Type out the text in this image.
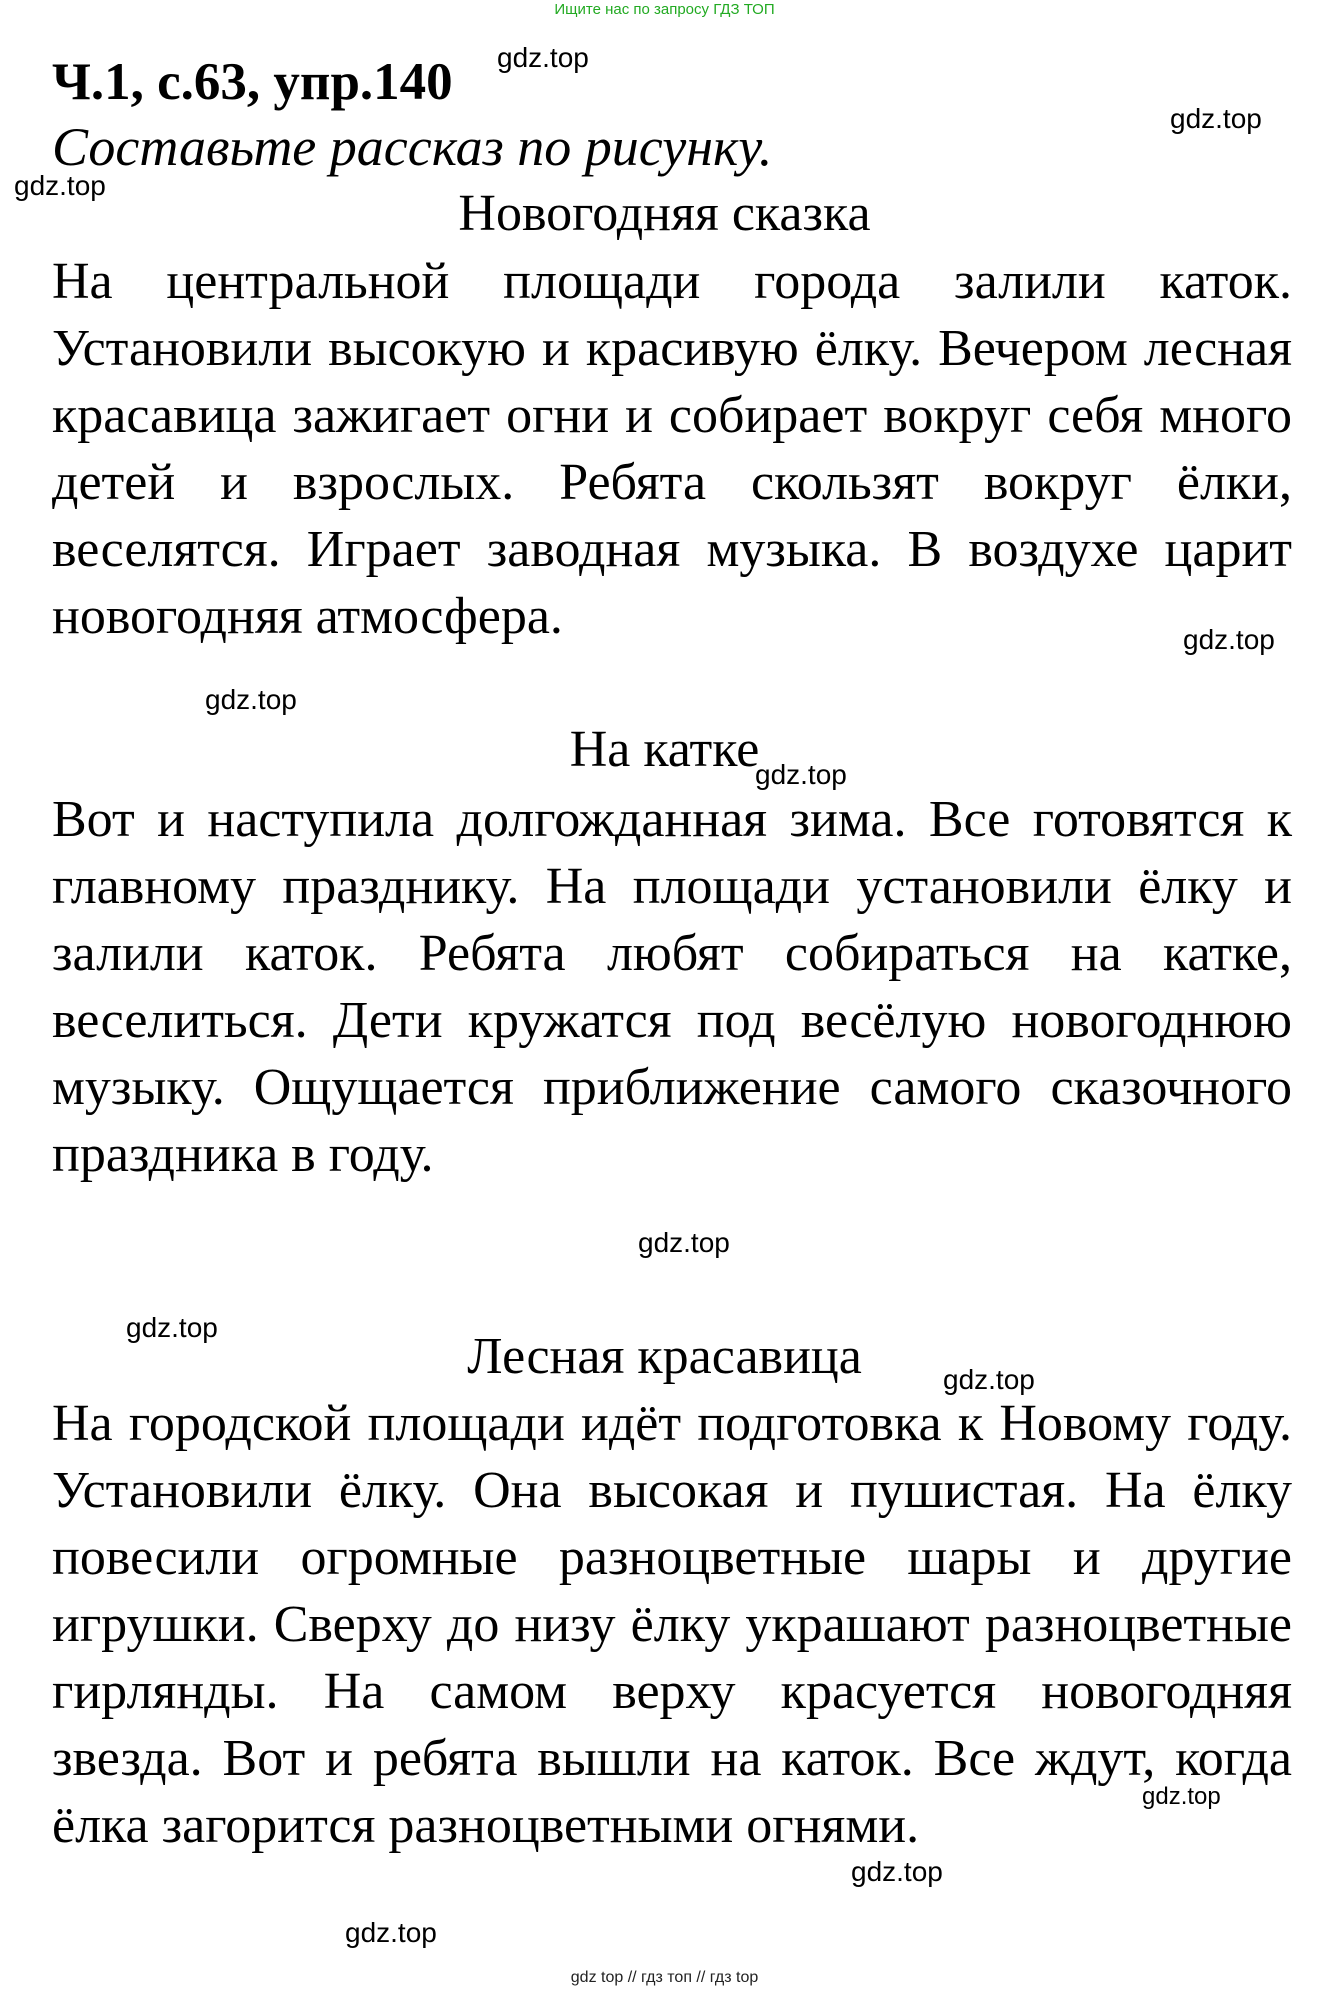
Ищите нас по запросу ГДЗ ТОП
Ч.1, с.63, упр.140
Составьте рассказ по рисунку.
Новогодняя сказка

На центральной площади города залили каток. Установили высокую и красивую ёлку. Вечером лесная красавица зажигает огни и собирает вокруг себя много детей и взрослых. Ребята скользят вокруг ёлки, веселятся. Играет заводная музыка. В воздухе царит новогодняя атмосфера.

На катке

Вот и наступила долгожданная зима. Все готовятся к главному празднику. На площади установили ёлку и залили каток. Ребята любят собираться на катке, веселиться. Дети кружатся под весёлую новогоднюю музыку. Ощущается приближение самого сказочного праздника в году.

Лесная красавица

На городской площади идёт подготовка к Новому году. Установили ёлку. Она высокая и пушистая. На ёлку повесили огромные разноцветные шары и другие игрушки. Сверху до низу ёлку украшают разноцветные гирлянды. На самом верху красуется новогодняя звезда. Вот и ребята вышли на каток. Все ждут, когда ёлка загорится разноцветными огнями.

gdz.top
gdz.top
gdz.top
gdz.top
gdz.top
gdz.top
gdz.top
gdz.top
gdz.top
gdz.top
gdz.top
gdz.top
gdz top // гдз топ // гдз top
